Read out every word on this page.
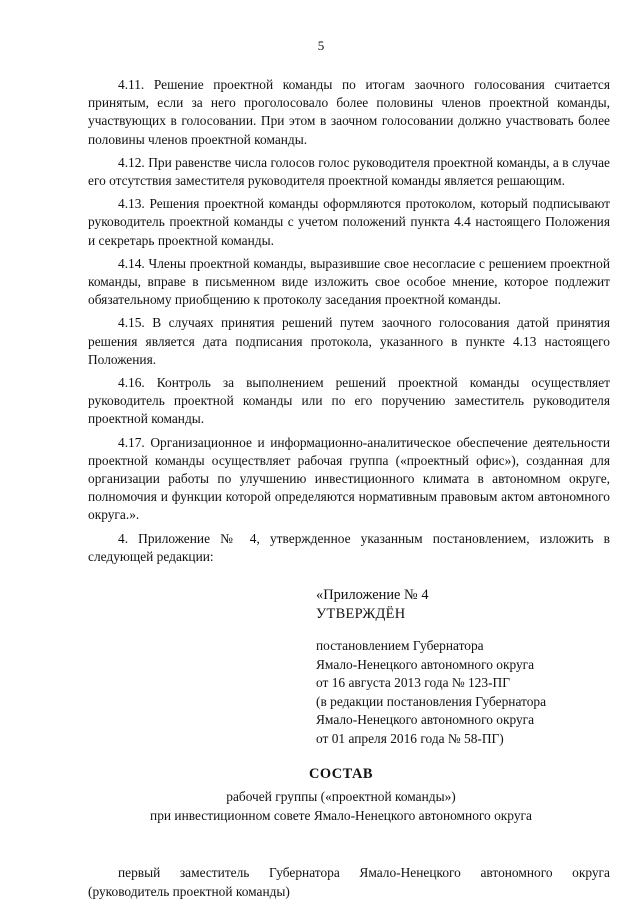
5

4.11. Решение проектной команды по итогам заочного голосования считается принятым, если за него проголосовало более половины членов проектной команды, участвующих в голосовании. При этом в заочном голосовании должно участвовать более половины членов проектной команды.

4.12. При равенстве числа голосов голос руководителя проектной команды, а в случае его отсутствия заместителя руководителя проектной команды является решающим.

4.13. Решения проектной команды оформляются протоколом, который подписывают руководитель проектной команды с учетом положений пункта 4.4 настоящего Положения и секретарь проектной команды.

4.14. Члены проектной команды, выразившие свое несогласие с решением проектной команды, вправе в письменном виде изложить свое особое мнение, которое подлежит обязательному приобщению к протоколу заседания проектной команды.

4.15. В случаях принятия решений путем заочного голосования датой принятия решения является дата подписания протокола, указанного в пункте 4.13 настоящего Положения.

4.16. Контроль за выполнением решений проектной команды осуществляет руководитель проектной команды или по его поручению заместитель руководителя проектной команды.

4.17. Организационное и информационно-аналитическое обеспечение деятельности проектной команды осуществляет рабочая группа («проектный офис»), созданная для организации работы по улучшению инвестиционного климата в автономном округе, полномочия и функции которой определяются нормативным правовым актом автономного округа.».

4. Приложение № 4, утвержденное указанным постановлением, изложить в следующей редакции:

«Приложение № 4
УТВЕРЖДЁН

постановлением Губернатора

Ямало-Ненецкого автономного округа

от 16 августа 2013 года № 123-ПГ

(в редакции постановления Губернатора

Ямало-Ненецкого автономного округа

от 01 апреля 2016 года № 58-ПГ)

СОСТАВ

рабочей группы («проектной команды»)

при инвестиционном совете Ямало-Ненецкого автономного округа

первый заместитель Губернатора Ямало-Ненецкого автономного округа (руководитель проектной команды)
